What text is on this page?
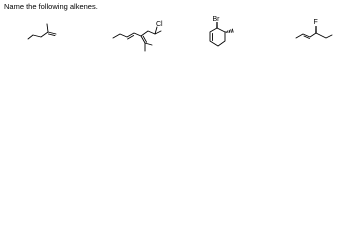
Name the following alkenes.
Cl
Br	F
